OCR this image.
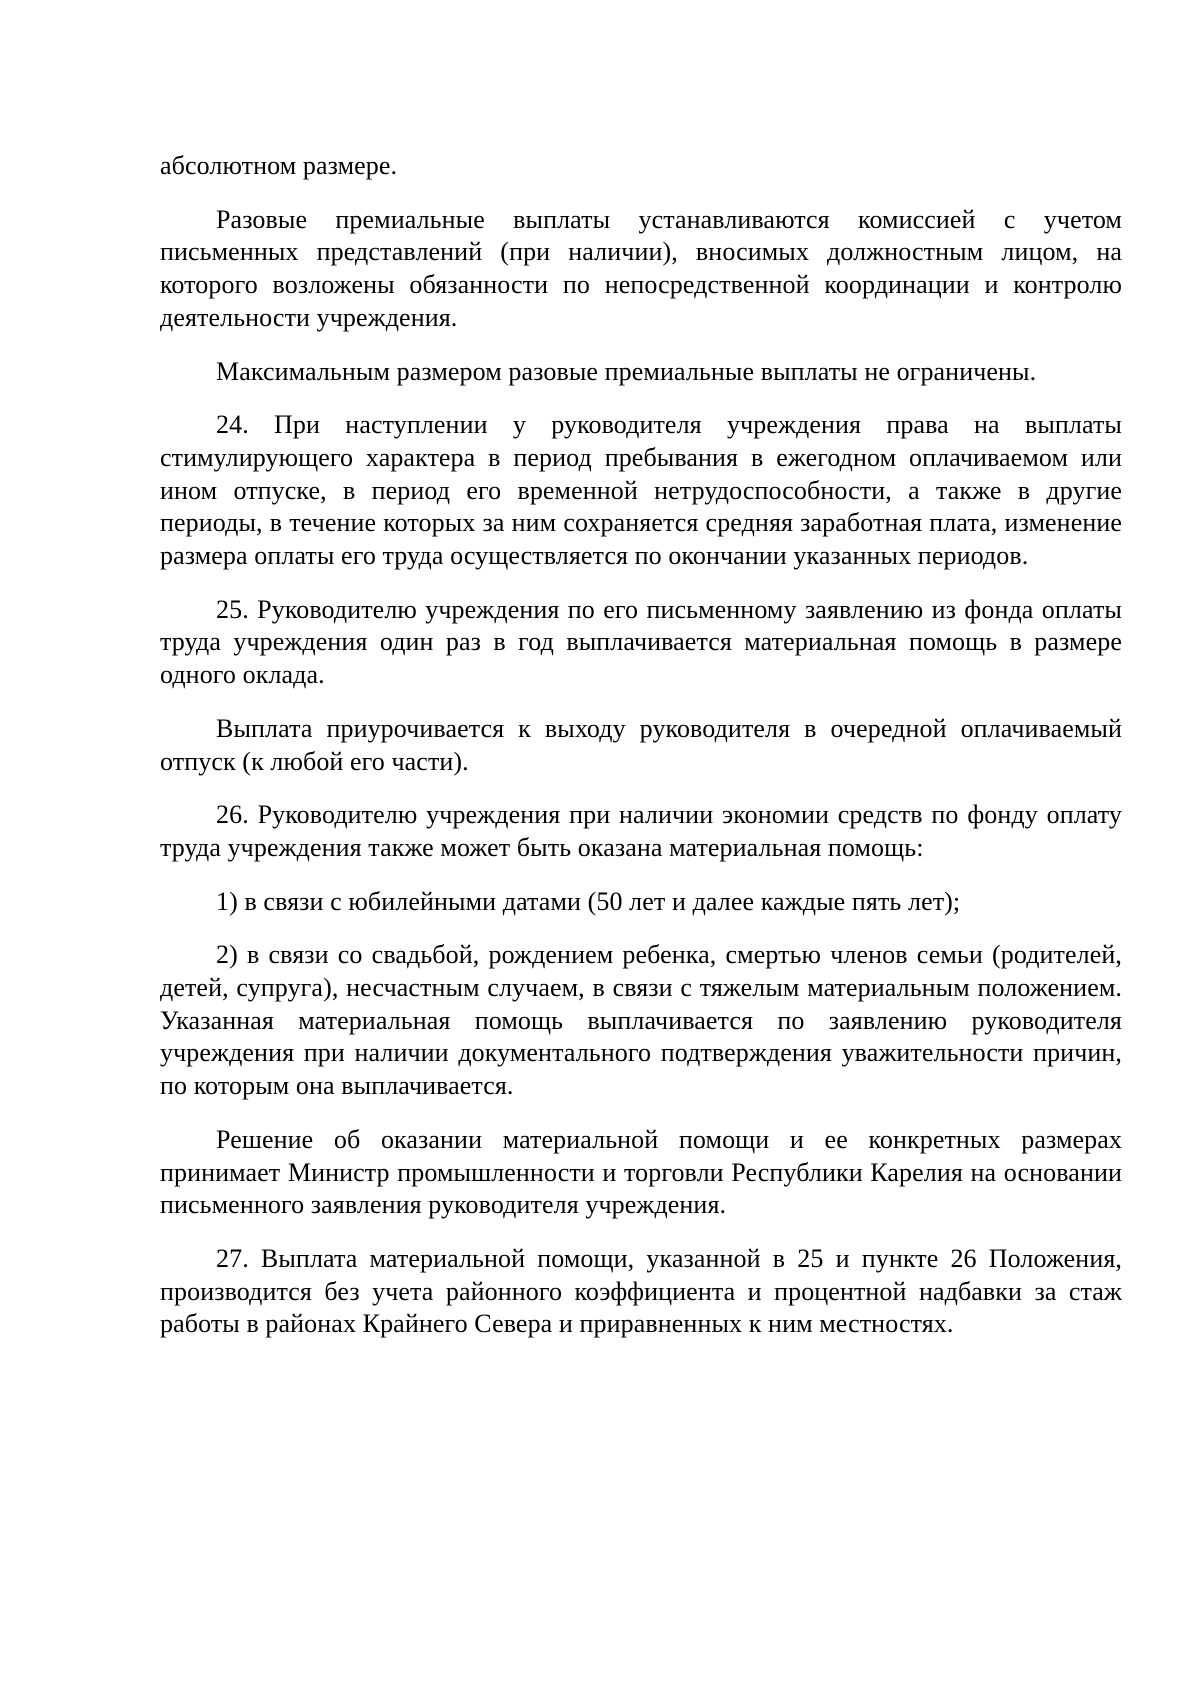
абсолютном размере.

Разовые премиальные выплаты устанавливаются комиссией с учетом письменных представлений (при наличии), вносимых должностным лицом, на которого возложены обязанности по непосредственной координации и контролю деятельности учреждения.

Максимальным размером разовые премиальные выплаты не ограничены.

24. При наступлении у руководителя учреждения права на выплаты стимулирующего характера в период пребывания в ежегодном оплачиваемом или ином отпуске, в период его временной нетрудоспособности, а также в другие периоды, в течение которых за ним сохраняется средняя заработная плата, изменение размера оплаты его труда осуществляется по окончании указанных периодов.

25. Руководителю учреждения по его письменному заявлению из фонда оплаты труда учреждения один раз в год выплачивается материальная помощь в размере одного оклада.

Выплата приурочивается к выходу руководителя в очередной оплачиваемый отпуск (к любой его части).

26. Руководителю учреждения при наличии экономии средств по фонду оплату труда учреждения также может быть оказана материальная помощь:

1) в связи с юбилейными датами (50 лет и далее каждые пять лет);

2) в связи со свадьбой, рождением ребенка, смертью членов семьи (родителей, детей, супруга), несчастным случаем, в связи с тяжелым материальным положением. Указанная материальная помощь выплачивается по заявлению руководителя учреждения при наличии документального подтверждения уважительности причин, по которым она выплачивается.

Решение об оказании материальной помощи и ее конкретных размерах принимает Министр промышленности и торговли Республики Карелия на основании письменного заявления руководителя учреждения.

27. Выплата материальной помощи, указанной в 25 и пункте 26 Положения, производится без учета районного коэффициента и процентной надбавки за стаж работы в районах Крайнего Севера и приравненных к ним местностях.
